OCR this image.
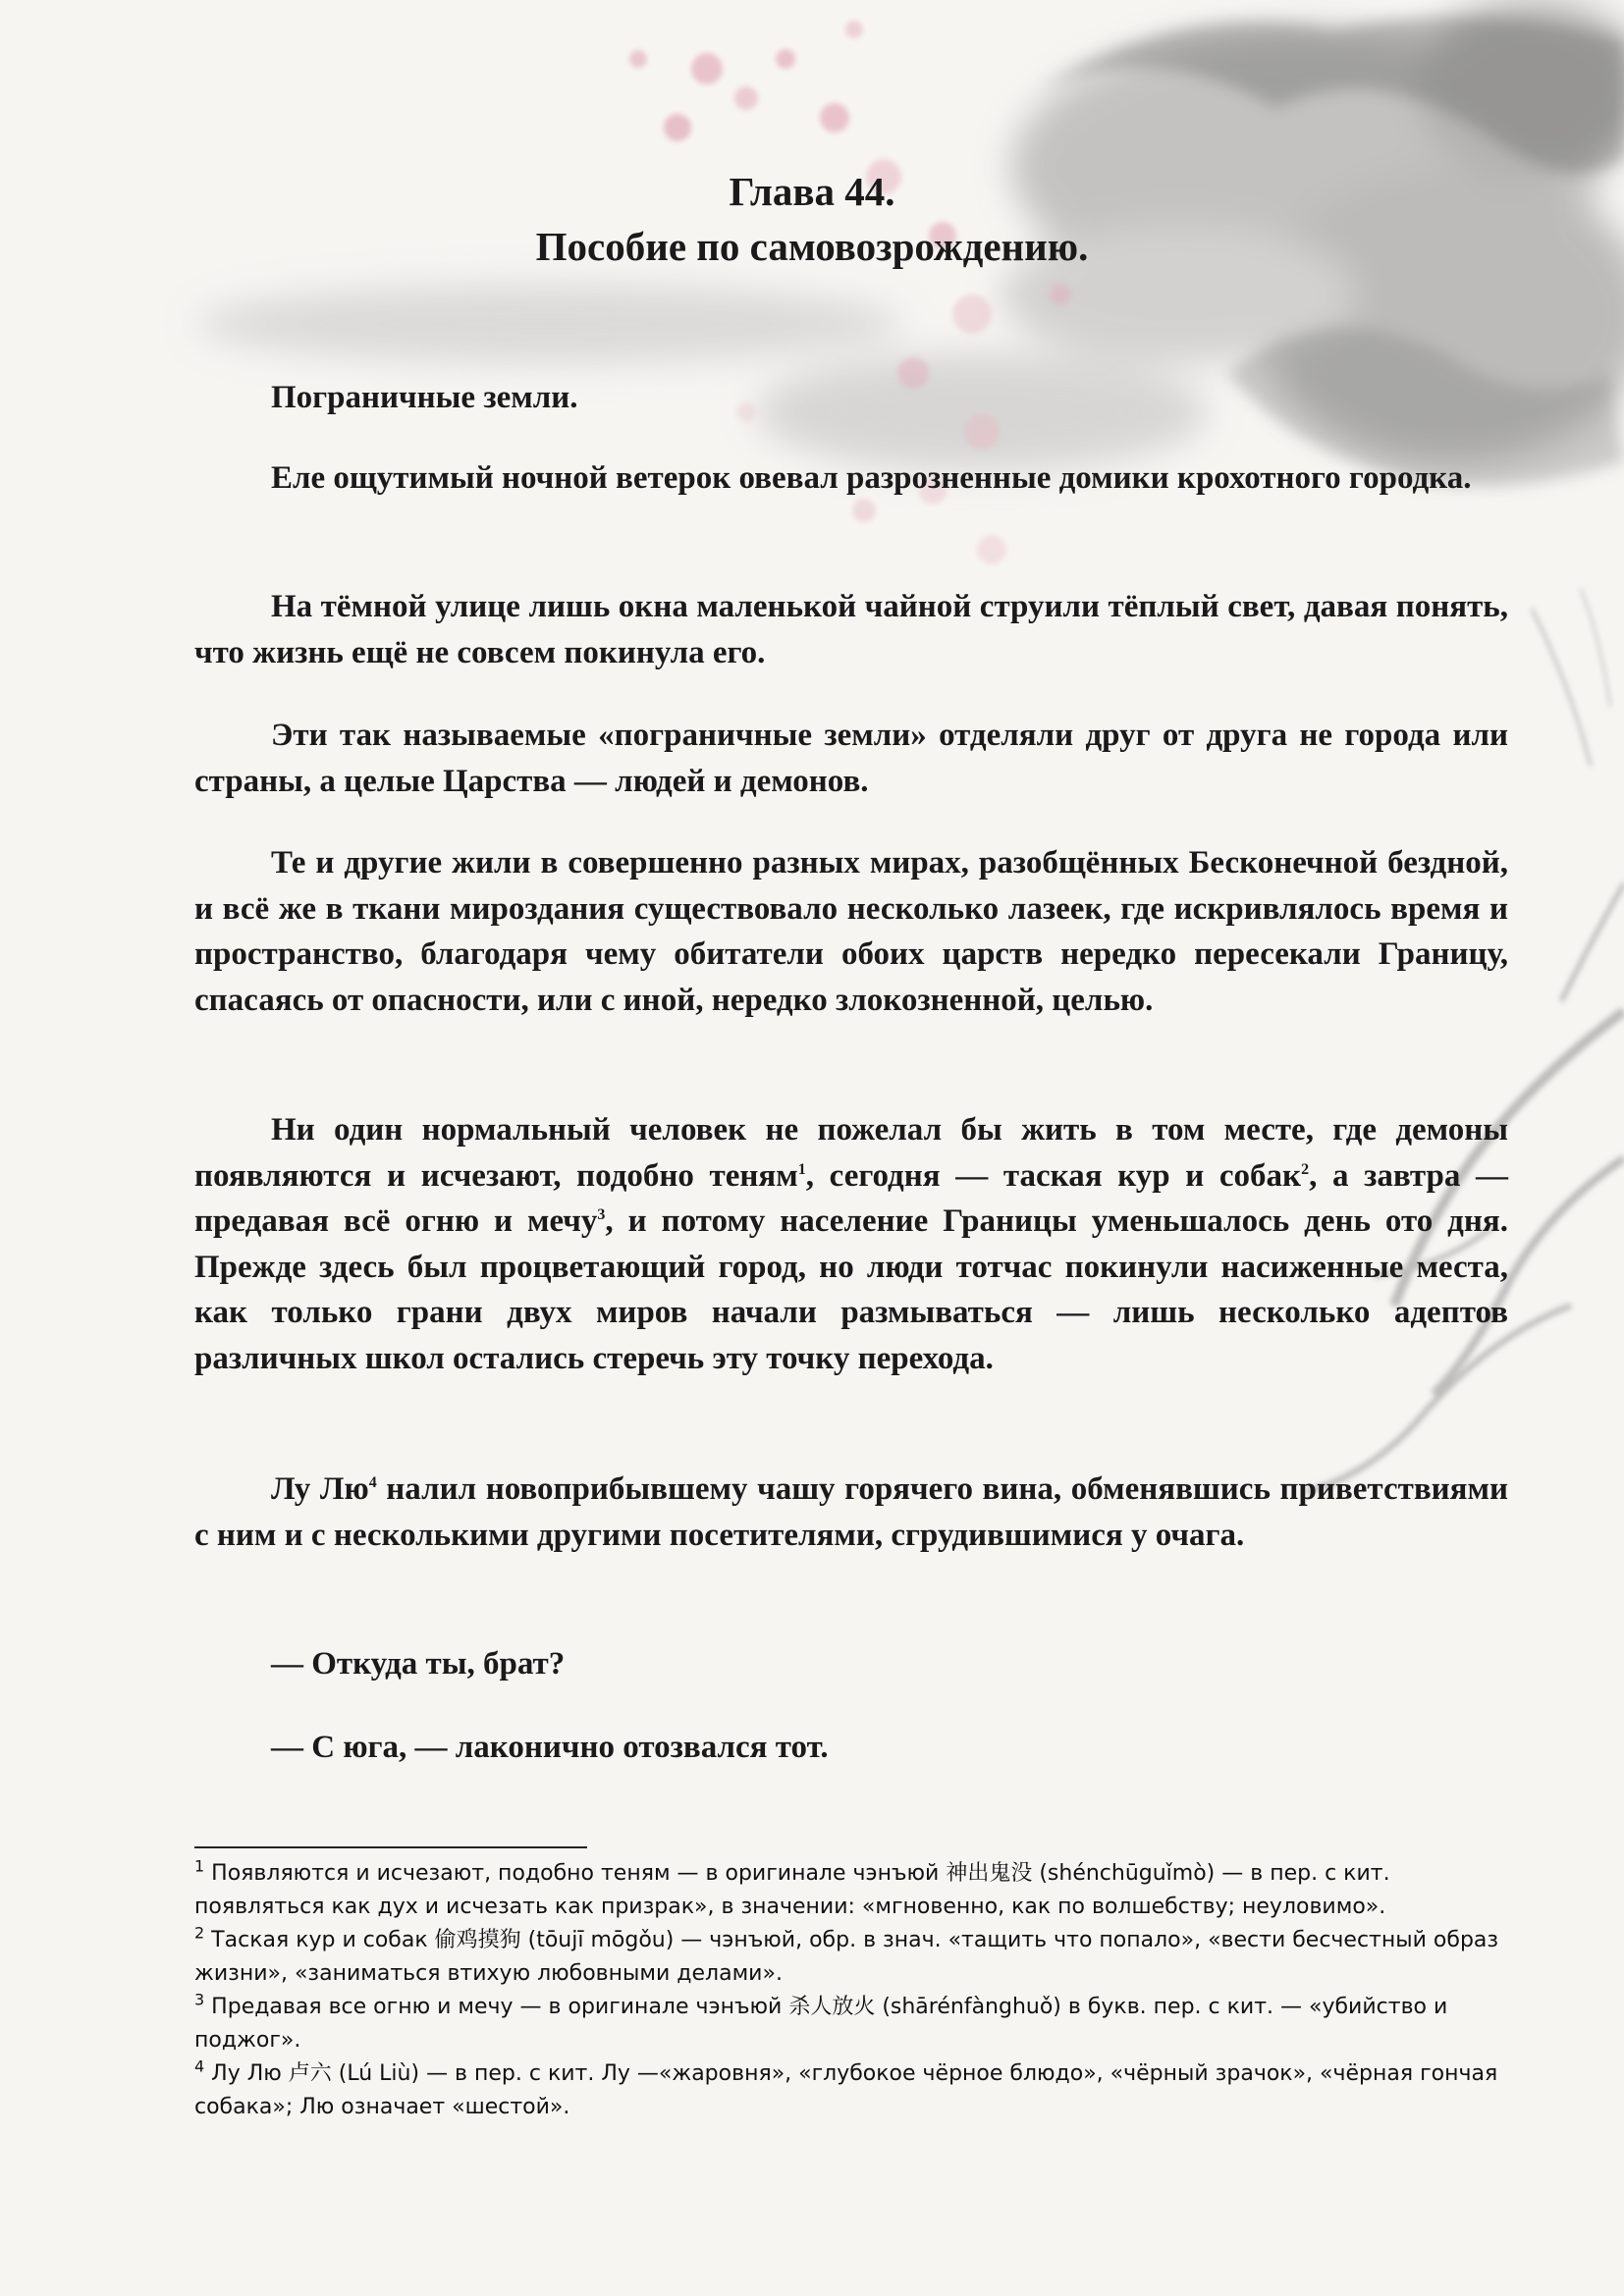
Глава 44.
Пособие по самовозрождению.

Пограничные земли.

Еле ощутимый ночной ветерок овевал разрозненные домики крохотного городка.

На тёмной улице лишь окна маленькой чайной струили тёплый свет, давая понять, что жизнь ещё не совсем покинула его.

Эти так называемые «пограничные земли» отделяли друг от друга не города или страны, а целые Царства — людей и демонов.

Те и другие жили в совершенно разных мирах, разобщённых Бесконечной бездной, и всё же в ткани мироздания существовало несколько лазеек, где искривлялось время и пространство, благодаря чему обитатели обоих царств нередко пересекали Границу, спасаясь от опасности, или с иной, нередко злокозненной, целью.

Ни один нормальный человек не пожелал бы жить в том месте, где демоны появляются и исчезают, подобно теням$^1$, сегодня — таская кур и собак$^2$, а завтра — предавая всё огню и мечу$^3$, и потому население Границы уменьшалось день ото дня. Прежде здесь был процветающий город, но люди тотчас покинули насиженные места, как только грани двух миров начали размываться — лишь несколько адептов различных школ остались стеречь эту точку перехода.

Лу $Лю^4$ налил новоприбывшему чашу горячего вина, обменявшись приветствиями с ним и с несколькими другими посетителями, сгрудившимися у очага.

— Откуда ты, брат?

— С юга, — лаконично отозвался тот.

$^1$ Появляются и исчезают, подобно теням — в оригинале чэнъюй 神出鬼没 (shénchūguǐmò) — в пер. с кит. появляться как дух и исчезать как призрак», в значении: «мгновенно, как по волшебству; неуловимо».

$^2$ Таская кур и собак 偷鸡摸狗 (tōujī mōgǒu) — чэнъюй, обр. в знач. «тащить что попало», «вести бесчестный образ жизни», «заниматься втихую любовными делами».

$^3$ Предавая все огню и мечу — в оригинале чэнъюй 杀人放火 (shārénfànghuǒ) в букв. пер. с кит. — «убийство и поджог».

$^4$ Лу Лю 卢六 (Lú Liù) — в пер. с кит. Лу —«жаровня», «глубокое чёрное блюдо», «чёрный зрачок», «чёрная гончая собака»; Лю означает «шестой».
